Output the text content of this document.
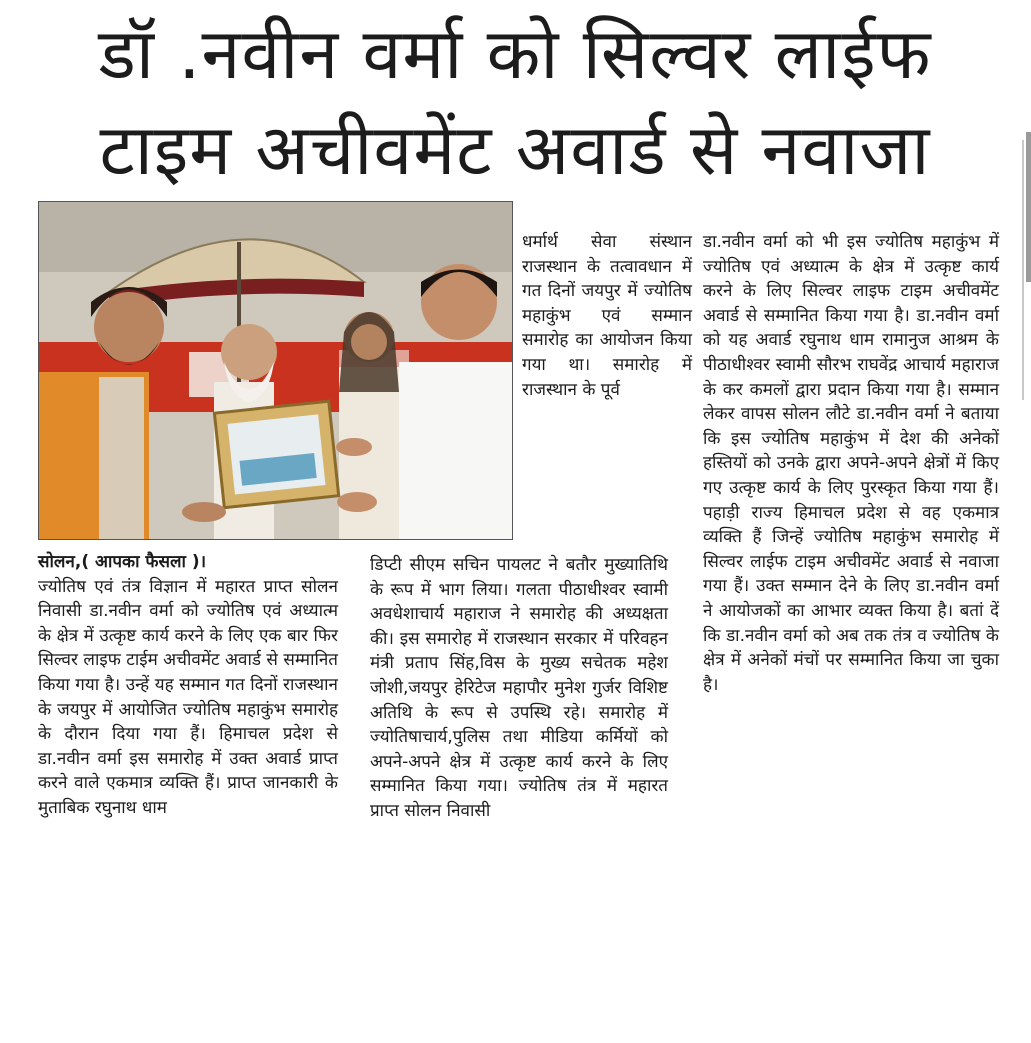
डॉ .नवीन वर्मा को सिल्वर लाईफ
टाइम अचीवमेंट अवार्ड से नवाजा

धर्मार्थ सेवा संस्थान राजस्थान के तत्वावधान में गत दिनों जयपुर में ज्योतिष महाकुंभ एवं सम्मान समारोह का आयोजन किया गया था। समारोह में राजस्थान के पूर्व

सोलन,( आपका फैसला )।
ज्योतिष एवं तंत्र विज्ञान में महारत प्राप्त सोलन निवासी डा.नवीन वर्मा को ज्योतिष एवं अध्यात्म के क्षेत्र में उत्कृष्ट कार्य करने के लिए एक बार फिर सिल्वर लाइफ टाईम अचीवमेंट अवार्ड से सम्मानित किया गया है। उन्हें यह सम्मान गत दिनों राजस्थान के जयपुर में आयोजित ज्योतिष महाकुंभ समारोह के दौरान दिया गया हैं। हिमाचल प्रदेश से डा.नवीन वर्मा इस समारोह में उक्त अवार्ड प्राप्त करने वाले एकमात्र व्यक्ति हैं। प्राप्त जानकारी के मुताबिक रघुनाथ धाम

डिप्टी सीएम सचिन पायलट ने बतौर मुख्यातिथि के रूप में भाग लिया। गलता पीठाधीश्वर स्वामी अवधेशाचार्य महाराज ने समारोह की अध्यक्षता की। इस समारोह में राजस्थान सरकार में परिवहन मंत्री प्रताप सिंह,विस के मुख्य सचेतक महेश जोशी,जयपुर हेरिटेज महापौर मुनेश गुर्जर विशिष्ट अतिथि के रूप से उपस्थि रहे। समारोह में ज्योतिषाचार्य,पुलिस तथा मीडिया कर्मियों को अपने-अपने क्षेत्र में उत्कृष्ट कार्य करने के लिए सम्मानित किया गया। ज्योतिष तंत्र में महारत प्राप्त सोलन निवासी

डा.नवीन वर्मा को भी इस ज्योतिष महाकुंभ में ज्योतिष एवं अध्यात्म के क्षेत्र में उत्कृष्ट कार्य करने के लिए सिल्वर लाइफ टाइम अचीवमेंट अवार्ड से सम्मानित किया गया है। डा.नवीन वर्मा को यह अवार्ड रघुनाथ धाम रामानुज आश्रम के पीठाधीश्वर स्वामी सौरभ राघवेंद्र आचार्य महाराज के कर कमलों द्वारा प्रदान किया गया है। सम्मान लेकर वापस सोलन लौटे डा.नवीन वर्मा ने बताया कि इस ज्योतिष महाकुंभ में देश की अनेकों हस्तियों को उनके द्वारा अपने-अपने क्षेत्रों में किए गए उत्कृष्ट कार्य के लिए पुरस्कृत किया गया हैं। पहाड़ी राज्य हिमाचल प्रदेश से वह एकमात्र व्यक्ति हैं जिन्हें ज्योतिष महाकुंभ समारोह में सिल्वर लाईफ टाइम अचीवमेंट अवार्ड से नवाजा गया हैं। उक्त सम्मान देने के लिए डा.नवीन वर्मा ने आयोजकों का आभार व्यक्त किया है। बतां दें कि डा.नवीन वर्मा को अब तक तंत्र व ज्योतिष के क्षेत्र में अनेकों मंचों पर सम्मानित किया जा चुका है।
